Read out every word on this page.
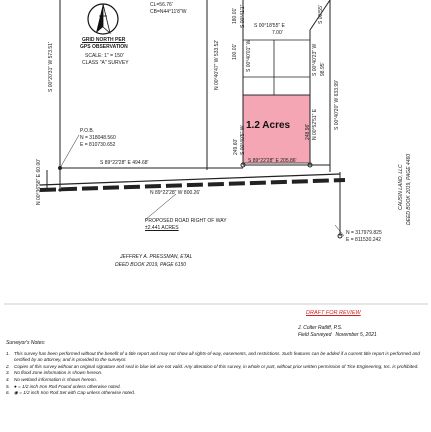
CL=56.76'
CB=N44°11'8"W
GRID NORTH PER
GPS OBSERVATION
SCALE: 1" = 150'
CLASS "A" SURVEY
S 00°20'31" W 573.51'
N 00°36'58" E 60.00'
N 00°40'47" W 533.52'	S 00°40'01" W
100.01'
249.60' S 00°40'5" W
N 00°52'51" E
248.96'
S 00°40'23" W 98.95'
S 00°40'20" W 633.99'
180.01' S 00°41'1"	S 00°55'
S 00°18'55" E
7.00'
S 89°22'28" E 494.68'	S 89°22'28" E 205.86'
N 89°22'28" W 800.26'
P.O.B.
N = 318048.560
E = 810730.652
1.2 Acres
PROPOSED ROAD RIGHT OF WAY
±2.441 ACRES
JEFFREY A. PRESSMAN, ETAL
DEED BOOK 2019, PAGE 6150
CAUSIN LAND, LLC DEED BOOK 2019, PAGE 4460
N = 317979.825
E = 811530.242
DRAFT FOR REVIEW
J. Colter Ratliff, P.S.
Field Surveyed November 5, 2021
Surveyor's Notes:
1. This survey has been performed without the benefit of a title report and may not show all rights-of-way, easements, and restrictions. Such features can be added if a current title report is performed and certified by an attorney, and is provided to the surveyor.
2. Copies of this survey without an original signature and seal in blue ink are not valid. Any alteration of this survey, in whole or part, without prior written permission of Tice Engineering, Inc. is prohibited.
3. No flood zone information is shown hereon.
4. No wetland information is shown hereon.
5. ● = 1/2 inch Iron Rod Found unless otherwise noted.
6. ◉ = 1/2 inch Iron Rod Set with Cap unless otherwise noted.
